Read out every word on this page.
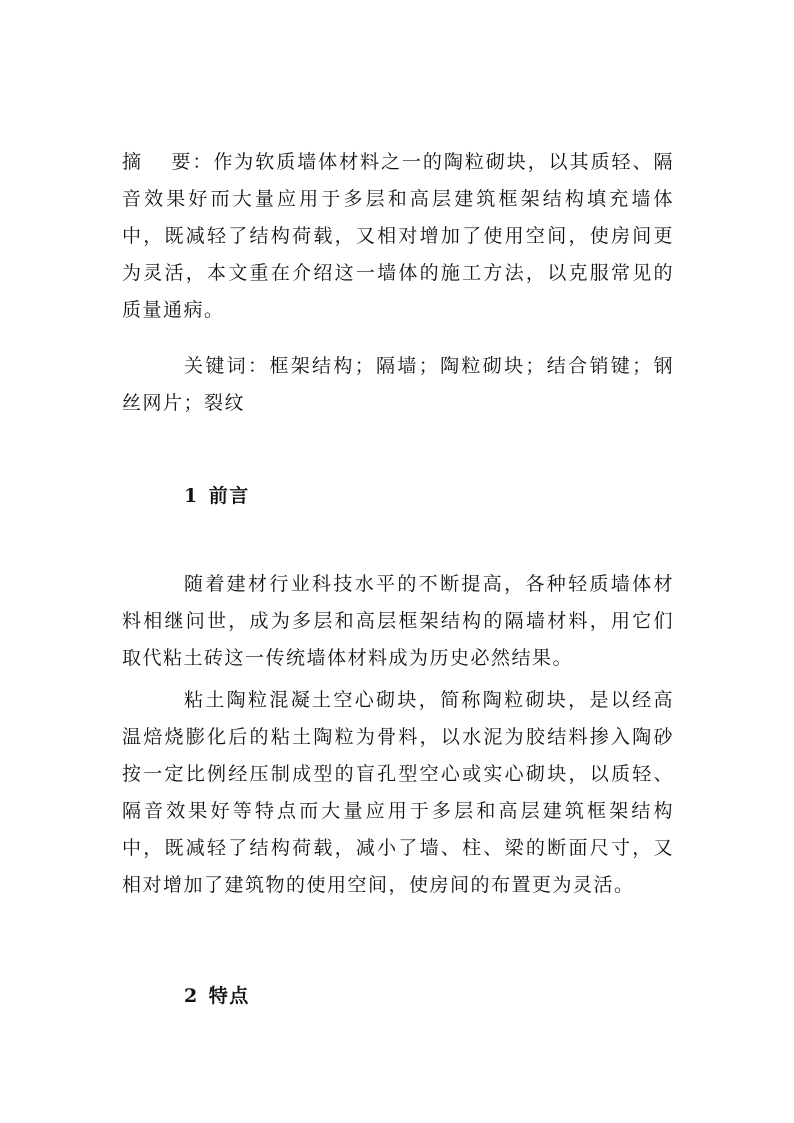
摘 要：作为软质墙体材料之一的陶粒砌块，以其质轻、隔音效果好而大量应用于多层和高层建筑框架结构填充墙体中，既减轻了结构荷载，又相对增加了使用空间，使房间更为灵活，本文重在介绍这一墙体的施工方法，以克服常见的质量通病。

关键词：框架结构；隔墙；陶粒砌块；结合销键；钢丝网片；裂纹

1 前言

随着建材行业科技水平的不断提高，各种轻质墙体材料相继问世，成为多层和高层框架结构的隔墙材料，用它们取代粘土砖这一传统墙体材料成为历史必然结果。

粘土陶粒混凝土空心砌块，简称陶粒砌块，是以经高温焙烧膨化后的粘土陶粒为骨料，以水泥为胶结料掺入陶砂按一定比例经压制成型的盲孔型空心或实心砌块，以质轻、隔音效果好等特点而大量应用于多层和高层建筑框架结构中，既减轻了结构荷载，减小了墙、柱、梁的断面尺寸，又相对增加了建筑物的使用空间，使房间的布置更为灵活。

2 特点
